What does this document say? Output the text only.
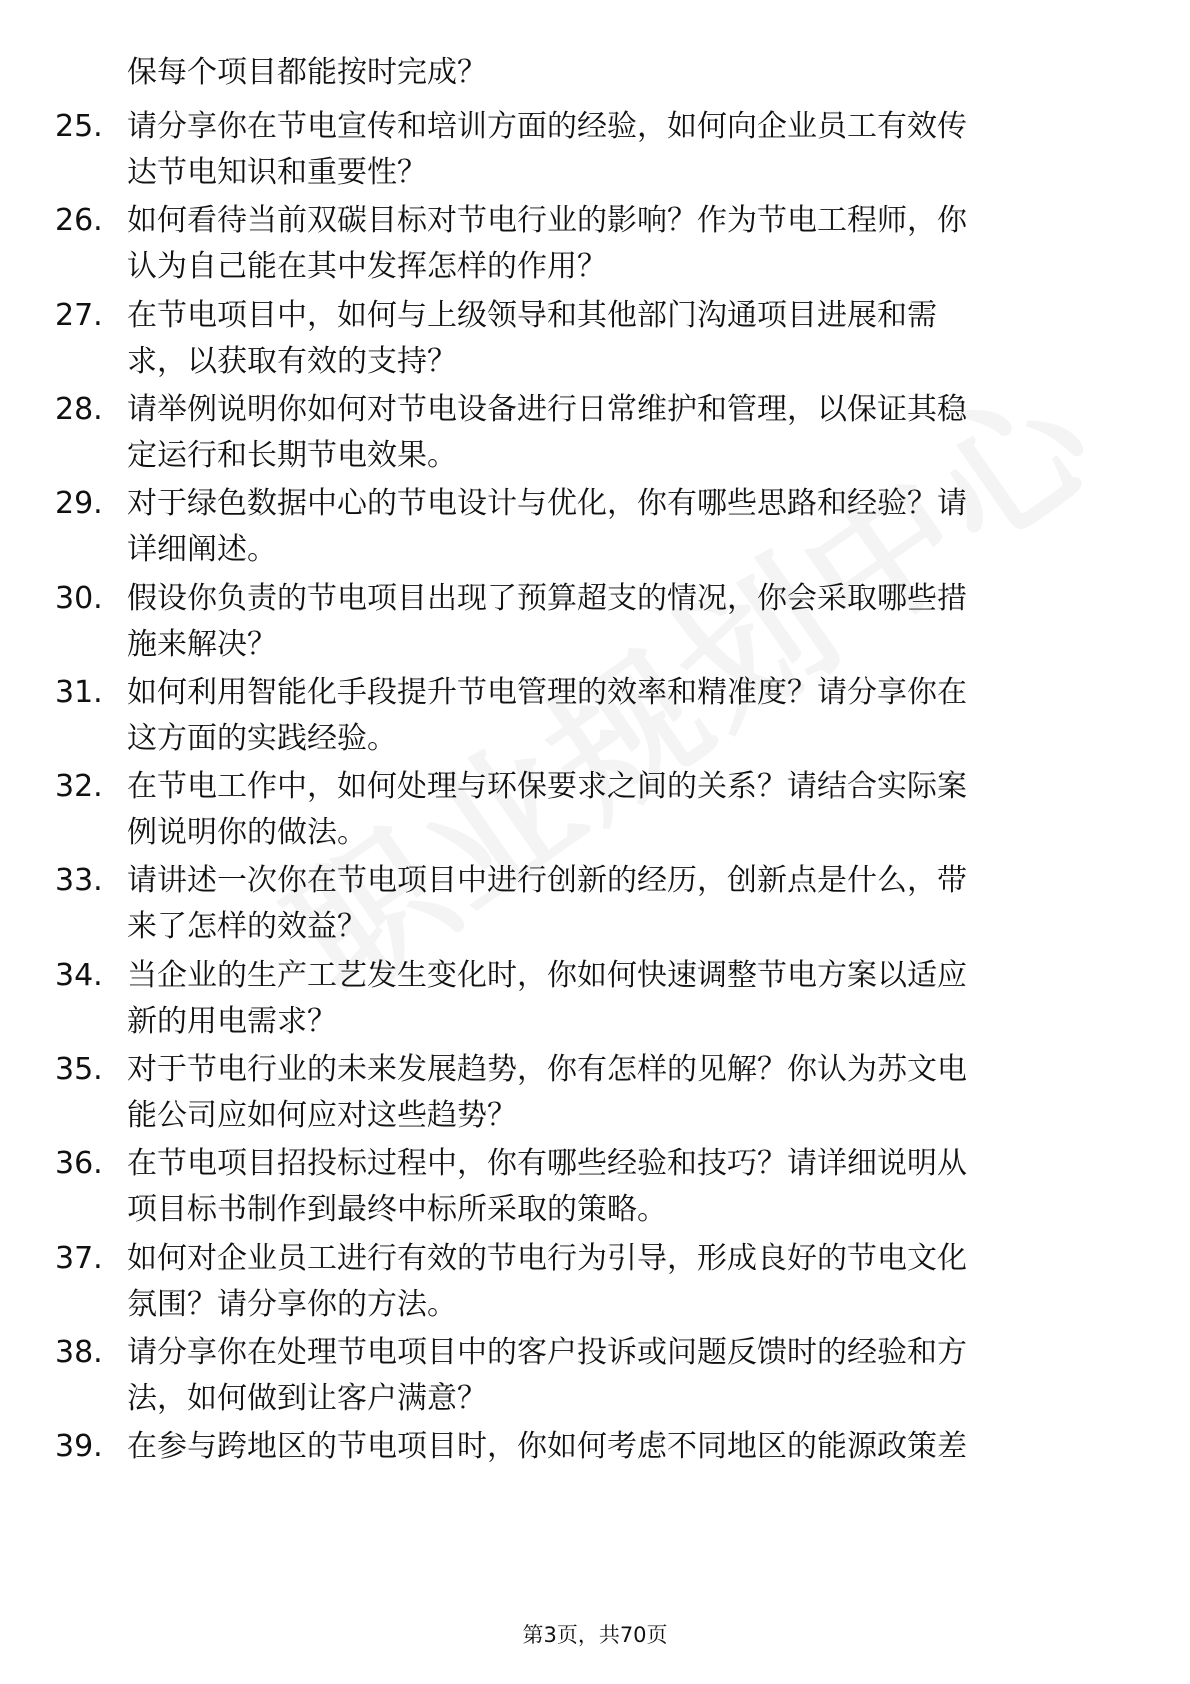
保每个项目都能按时完成？
25. 请分享你在节电宣传和培训方面的经验，如何向企业员工有效传
达节电知识和重要性？
26. 如何看待当前双碳目标对节电行业的影响？作为节电工程师，你
认为自己能在其中发挥怎样的作用？
27. 在节电项目中，如何与上级领导和其他部门沟通项目进展和需
求，以获取有效的支持？
28. 请举例说明你如何对节电设备进行日常维护和管理，以保证其稳
定运行和长期节电效果。
29. 对于绿色数据中心的节电设计与优化，你有哪些思路和经验？请
详细阐述。
30. 假设你负责的节电项目出现了预算超支的情况，你会采取哪些措
施来解决？
31. 如何利用智能化手段提升节电管理的效率和精准度？请分享你在
这方面的实践经验。
32. 在节电工作中，如何处理与环保要求之间的关系？请结合实际案
例说明你的做法。
33. 请讲述一次你在节电项目中进行创新的经历，创新点是什么，带
来了怎样的效益？
34. 当企业的生产工艺发生变化时，你如何快速调整节电方案以适应
新的用电需求？
35. 对于节电行业的未来发展趋势，你有怎样的见解？你认为苏文电
能公司应如何应对这些趋势？
36. 在节电项目招投标过程中，你有哪些经验和技巧？请详细说明从
项目标书制作到最终中标所采取的策略。
37. 如何对企业员工进行有效的节电行为引导，形成良好的节电文化
氛围？请分享你的方法。
38. 请分享你在处理节电项目中的客户投诉或问题反馈时的经验和方
法，如何做到让客户满意？
39. 在参与跨地区的节电项目时，你如何考虑不同地区的能源政策差
第3页，共70页
